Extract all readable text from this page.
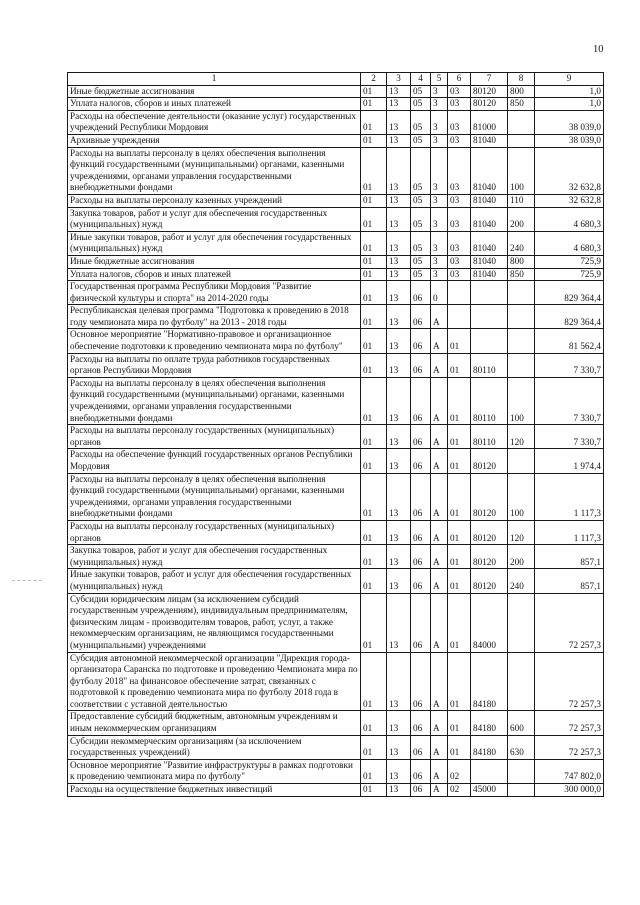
10
1	2	3	4	5	6	7	8	9
Иные бюджетные ассигнования	01	13	05	3	03	80120	800	1,0
Уплата налогов, сборов и иных платежей	01	13	05	3	03	80120	850	1,0
Расходы на обеспечение деятельности (оказание услуг) государственных учреждений Республики Мордовия	01	13	05	3	03	81000		38 039,0
Архивные учреждения	01	13	05	3	03	81040		38 039,0
Расходы на выплаты персоналу в целях обеспечения выполнения функций государственными (муниципальными) органами, казенными учреждениями, органами управления государственными внебюджетными фондами	01	13	05	3	03	81040	100	32 632,8
Расходы на выплаты персоналу казенных учреждений	01	13	05	3	03	81040	110	32 632,8
Закупка товаров, работ и услуг для обеспечения государственных (муниципальных) нужд	01	13	05	3	03	81040	200	4 680,3
Иные закупки товаров, работ и услуг для обеспечения государственных (муниципальных) нужд	01	13	05	3	03	81040	240	4 680,3
Иные бюджетные ассигнования	01	13	05	3	03	81040	800	725,9
Уплата налогов, сборов и иных платежей	01	13	05	3	03	81040	850	725,9
Государственная программа Республики Мордовия "Развитие физической культуры и спорта" на 2014-2020 годы	01	13	06	0				829 364,4
Республиканская целевая программа "Подготовка к проведению в 2018 году чемпионата мира по футболу" на 2013 - 2018 годы	01	13	06	А				829 364,4
Основное мероприятие "Нормативно-правовое и организационное обеспечение подготовки к проведению чемпионата мира по футболу"	01	13	06	А	01			81 562,4
Расходы на выплаты по оплате труда работников государственных органов Республики Мордовия	01	13	06	А	01	80110		7 330,7
Расходы на выплаты персоналу в целях обеспечения выполнения функций государственными (муниципальными) органами, казенными учреждениями, органами управления государственными внебюджетными фондами	01	13	06	А	01	80110	100	7 330,7
Расходы на выплаты персоналу государственных (муниципальных) органов	01	13	06	А	01	80110	120	7 330,7
Расходы на обеспечение функций государственных органов Республики Мордовия	01	13	06	А	01	80120		1 974,4
Расходы на выплаты персоналу в целях обеспечения выполнения функций государственными (муниципальными) органами, казенными учреждениями, органами управления государственными внебюджетными фондами	01	13	06	А	01	80120	100	1 117,3
Расходы на выплаты персоналу государственных (муниципальных) органов	01	13	06	А	01	80120	120	1 117,3
Закупка товаров, работ и услуг для обеспечения государственных (муниципальных) нужд	01	13	06	А	01	80120	200	857,1
Иные закупки товаров, работ и услуг для обеспечения государственных (муниципальных) нужд	01	13	06	А	01	80120	240	857,1
Субсидии юридическим лицам (за исключением субсидий государственным учреждениям), индивидуальным предпринимателям, физическим лицам - производителям товаров, работ, услуг, а также некоммерческим организациям, не являющимся государственными (муниципальными) учреждениями	01	13	06	А	01	84000		72 257,3
Субсидия автономной некоммерческой организации "Дирекция города-организатора Саранска по подготовке и проведению Чемпионата мира по футболу 2018" на финансовое обеспечение затрат, связанных с подготовкой к проведению чемпионата мира по футболу 2018 года в соответствии с уставной деятельностью	01	13	06	А	01	84180		72 257,3
Предоставление субсидий бюджетным, автономным учреждениям и иным некоммерческим организациям	01	13	06	А	01	84180	600	72 257,3
Субсидии некоммерческим организациям (за исключением государственных учреждений)	01	13	06	А	01	84180	630	72 257,3
Основное мероприятие "Развитие инфраструктуры в рамках подготовки к проведению чемпионата мира по футболу"	01	13	06	А	02			747 802,0
Расходы на осуществление бюджетных инвестиций	01	13	06	А	02	45000		300 000,0
